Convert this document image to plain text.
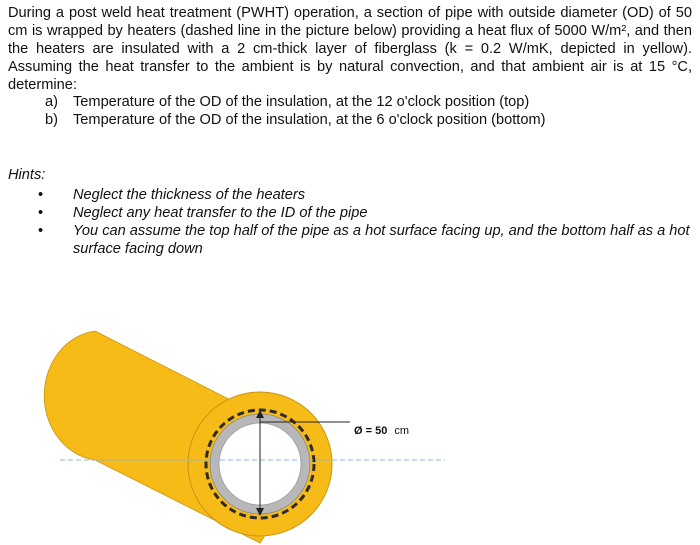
During a post weld heat treatment (PWHT) operation, a section of pipe with outside diameter (OD) of 50 cm is wrapped by heaters (dashed line in the picture below) providing a heat flux of 5000 W/m², and then the heaters are insulated with a 2 cm-thick layer of fiberglass (k = 0.2 W/mK, depicted in yellow). Assuming the heat transfer to the ambient is by natural convection, and that ambient air is at 15 °C, determine:

a)	Temperature of the OD of the insulation, at the 12 o'clock position (top)
b)	Temperature of the OD of the insulation, at the 6 o'clock position (bottom)

Hints:

•	Neglect the thickness of the heaters
•	Neglect any heat transfer to the ID of the pipe
•	You can assume the top half of the pipe as a hot surface facing up, and the bottom half as a hot surface facing down
Ø = 50 cm
